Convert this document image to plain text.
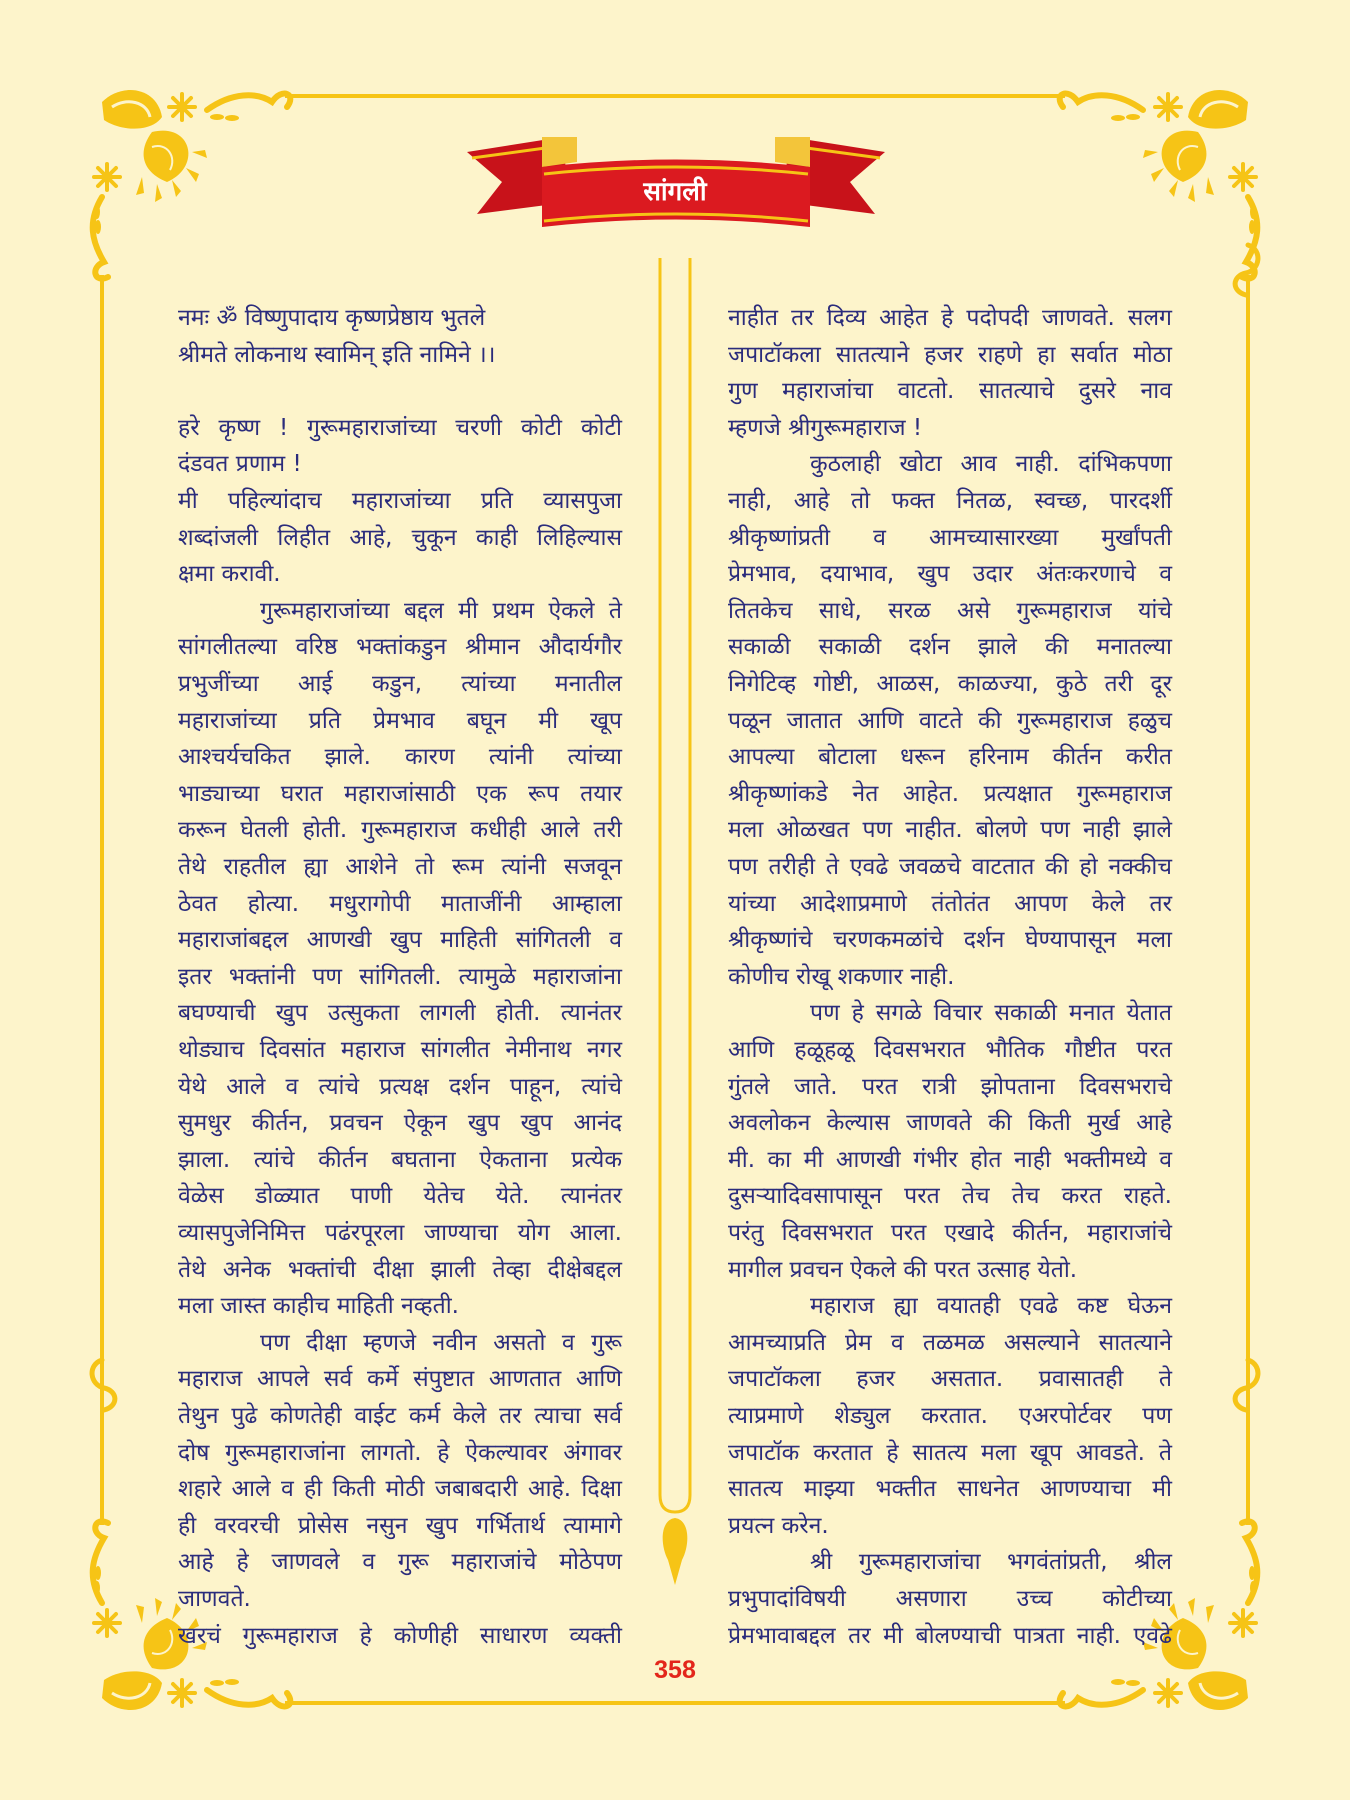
सांगली
नमः ॐ विष्णुपादाय कृष्णप्रेष्ठाय भुतले
श्रीमते लोकनाथ स्वामिन् इति नामिने ।।
हरे कृष्ण ! गुरूमहाराजांच्या चरणी कोटी कोटी
दंडवत प्रणाम !
मी पहिल्यांदाच महाराजांच्या प्रति व्यासपुजा
शब्दांजली लिहीत आहे, चुकून काही लिहिल्यास
क्षमा करावी.
गुरूमहाराजांच्या बद्दल मी प्रथम ऐकले ते
सांगलीतल्या वरिष्ठ भक्तांकडुन श्रीमान औदार्यगौर
प्रभुजींच्या आई कडुन, त्यांच्या मनातील
महाराजांच्या प्रति प्रेमभाव बघून मी खूप
आश्चर्यचकित झाले. कारण त्यांनी त्यांच्या
भाड्याच्या घरात महाराजांसाठी एक रूप तयार
करून घेतली होती. गुरूमहाराज कधीही आले तरी
तेथे राहतील ह्या आशेने तो रूम त्यांनी सजवून
ठेवत होत्या. मधुरागोपी माताजींनी आम्हाला
महाराजांबद्दल आणखी खुप माहिती सांगितली व
इतर भक्तांनी पण सांगितली. त्यामुळे महाराजांना
बघण्याची खुप उत्सुकता लागली होती. त्यानंतर
थोड्याच दिवसांत महाराज सांगलीत नेमीनाथ नगर
येथे आले व त्यांचे प्रत्यक्ष दर्शन पाहून, त्यांचे
सुमधुर कीर्तन, प्रवचन ऐकून खुप खुप आनंद
झाला. त्यांचे कीर्तन बघताना ऐकताना प्रत्येक
वेळेस डोळ्यात पाणी येतेच येते. त्यानंतर
व्यासपुजेनिमित्त पढंरपूरला जाण्याचा योग आला.
तेथे अनेक भक्तांची दीक्षा झाली तेव्हा दीक्षेबद्दल
मला जास्त काहीच माहिती नव्हती.
पण दीक्षा म्हणजे नवीन असतो व गुरू
महाराज आपले सर्व कर्मे संपुष्टात आणतात आणि
तेथुन पुढे कोणतेही वाईट कर्म केले तर त्याचा सर्व
दोष गुरूमहाराजांना लागतो. हे ऐकल्यावर अंगावर
शहारे आले व ही किती मोठी जबाबदारी आहे. दिक्षा
ही वरवरची प्रोसेस नसुन खुप गर्भितार्थ त्यामागे
आहे हे जाणवले व गुरू महाराजांचे मोठेपण
जाणवते.
खरचं गुरूमहाराज हे कोणीही साधारण व्यक्ती
नाहीत तर दिव्य आहेत हे पदोपदी जाणवते. सलग
जपाटॉकला सातत्याने हजर राहणे हा सर्वात मोठा
गुण महाराजांचा वाटतो. सातत्याचे दुसरे नाव
म्हणजे श्रीगुरूमहाराज !
कुठलाही खोटा आव नाही. दांभिकपणा
नाही, आहे तो फक्त नितळ, स्वच्छ, पारदर्शी
श्रीकृष्णांप्रती व आमच्यासारख्या मुर्खांपती
प्रेमभाव, दयाभाव, खुप उदार अंतःकरणाचे व
तितकेच साधे, सरळ असे गुरूमहाराज यांचे
सकाळी सकाळी दर्शन झाले की मनातल्या
निगेटिव्ह गोष्टी, आळस, काळज्या, कुठे तरी दूर
पळून जातात आणि वाटते की गुरूमहाराज हळुच
आपल्या बोटाला धरून हरिनाम कीर्तन करीत
श्रीकृष्णांकडे नेत आहेत. प्रत्यक्षात गुरूमहाराज
मला ओळखत पण नाहीत. बोलणे पण नाही झाले
पण तरीही ते एवढे जवळचे वाटतात की हो नक्कीच
यांच्या आदेशाप्रमाणे तंतोतंत आपण केले तर
श्रीकृष्णांचे चरणकमळांचे दर्शन घेण्यापासून मला
कोणीच रोखू शकणार नाही.
पण हे सगळे विचार सकाळी मनात येतात
आणि हळूहळू दिवसभरात भौतिक गौष्टीत परत
गुंतले जाते. परत रात्री झोपताना दिवसभराचे
अवलोकन केल्यास जाणवते की किती मुर्ख आहे
मी. का मी आणखी गंभीर होत नाही भक्तीमध्ये व
दुसऱ्यादिवसापासून परत तेच तेच करत राहते.
परंतु दिवसभरात परत एखादे कीर्तन, महाराजांचे
मागील प्रवचन ऐकले की परत उत्साह येतो.
महाराज ह्या वयातही एवढे कष्ट घेऊन
आमच्याप्रति प्रेम व तळमळ असल्याने सातत्याने
जपाटॉकला हजर असतात. प्रवासातही ते
त्याप्रमाणे शेड्युल करतात. एअरपोर्टवर पण
जपाटॉक करतात हे सातत्य मला खूप आवडते. ते
सातत्य माझ्या भक्तीत साधनेत आणण्याचा मी
प्रयत्न करेन.
श्री गुरूमहाराजांचा भगवंतांप्रती, श्रील
प्रभुपादांविषयी असणारा उच्च कोटीच्या
प्रेमभावाबद्दल तर मी बोलण्याची पात्रता नाही. एवढे
358
